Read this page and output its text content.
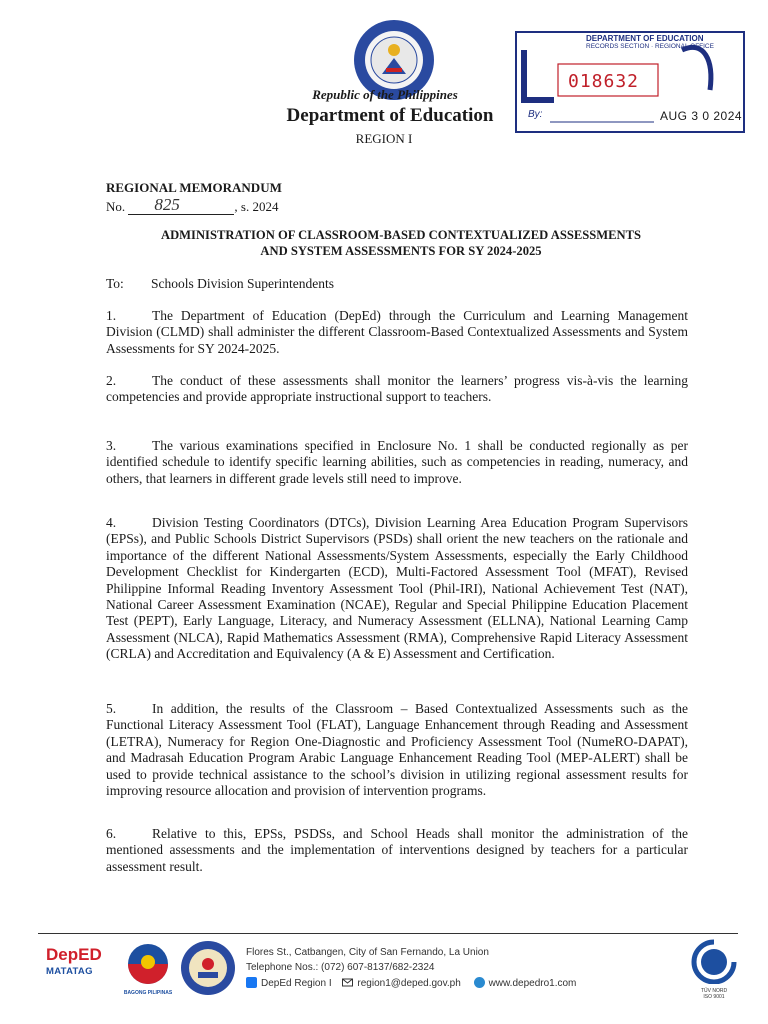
Republic of the Philippines
Department of Education
REGION I
DEPARTMENT OF EDUCATION
RECORDS SECTION · REGIONAL OFFICE
018632
By:	AUG 3 0 2024
REGIONAL MEMORANDUM
No. 825	, s. 2024
ADMINISTRATION OF CLASSROOM-BASED CONTEXTUALIZED ASSESSMENTS
AND SYSTEM ASSESSMENTS FOR SY 2024-2025
To: Schools Division Superintendents
1.	The Department of Education (DepEd) through the Curriculum and Learning Management Division (CLMD) shall administer the different Classroom-Based Contextualized Assessments and System Assessments for SY 2024-2025.
2.	The conduct of these assessments shall monitor the learners’ progress vis-à-vis the learning competencies and provide appropriate instructional support to teachers.
3.	The various examinations specified in Enclosure No. 1 shall be conducted regionally as per identified schedule to identify specific learning abilities, such as competencies in reading, numeracy, and others, that learners in different grade levels still need to improve.
4.	Division Testing Coordinators (DTCs), Division Learning Area Education Program Supervisors (EPSs), and Public Schools District Supervisors (PSDs) shall orient the new teachers on the rationale and importance of the different National Assessments/System Assessments, especially the Early Childhood Development Checklist for Kindergarten (ECD), Multi-Factored Assessment Tool (MFAT), Revised Philippine Informal Reading Inventory Assessment Tool (Phil-IRI), National Achievement Test (NAT), National Career Assessment Examination (NCAE), Regular and Special Philippine Education Placement Test (PEPT), Early Language, Literacy, and Numeracy Assessment (ELLNA), National Learning Camp Assessment (NLCA), Rapid Mathematics Assessment (RMA), Comprehensive Rapid Literacy Assessment (CRLA) and Accreditation and Equivalency (A & E) Assessment and Certification.
5.	In addition, the results of the Classroom – Based Contextualized Assessments such as the Functional Literacy Assessment Tool (FLAT), Language Enhancement through Reading and Assessment (LETRA), Numeracy for Region One-Diagnostic and Proficiency Assessment Tool (NumeRO-DAPAT), and Madrasah Education Program Arabic Language Enhancement Reading Tool (MEP-ALERT) shall be used to provide technical assistance to the school’s division in utilizing regional assessment results for improving resource allocation and provision of intervention programs.
6.	Relative to this, EPSs, PSDSs, and School Heads shall monitor the administration of the mentioned assessments and the implementation of interventions designed by teachers for a particular assessment result.
DepED
MATATAG
BAGONG PILIPINAS
Flores St., Catbangen, City of San Fernando, La Union
Telephone Nos.: (072) 607-8137/682-2324
DepEd Region I	region1@deped.gov.ph	www.depedro1.com
TÜV NORD
ISO 9001
